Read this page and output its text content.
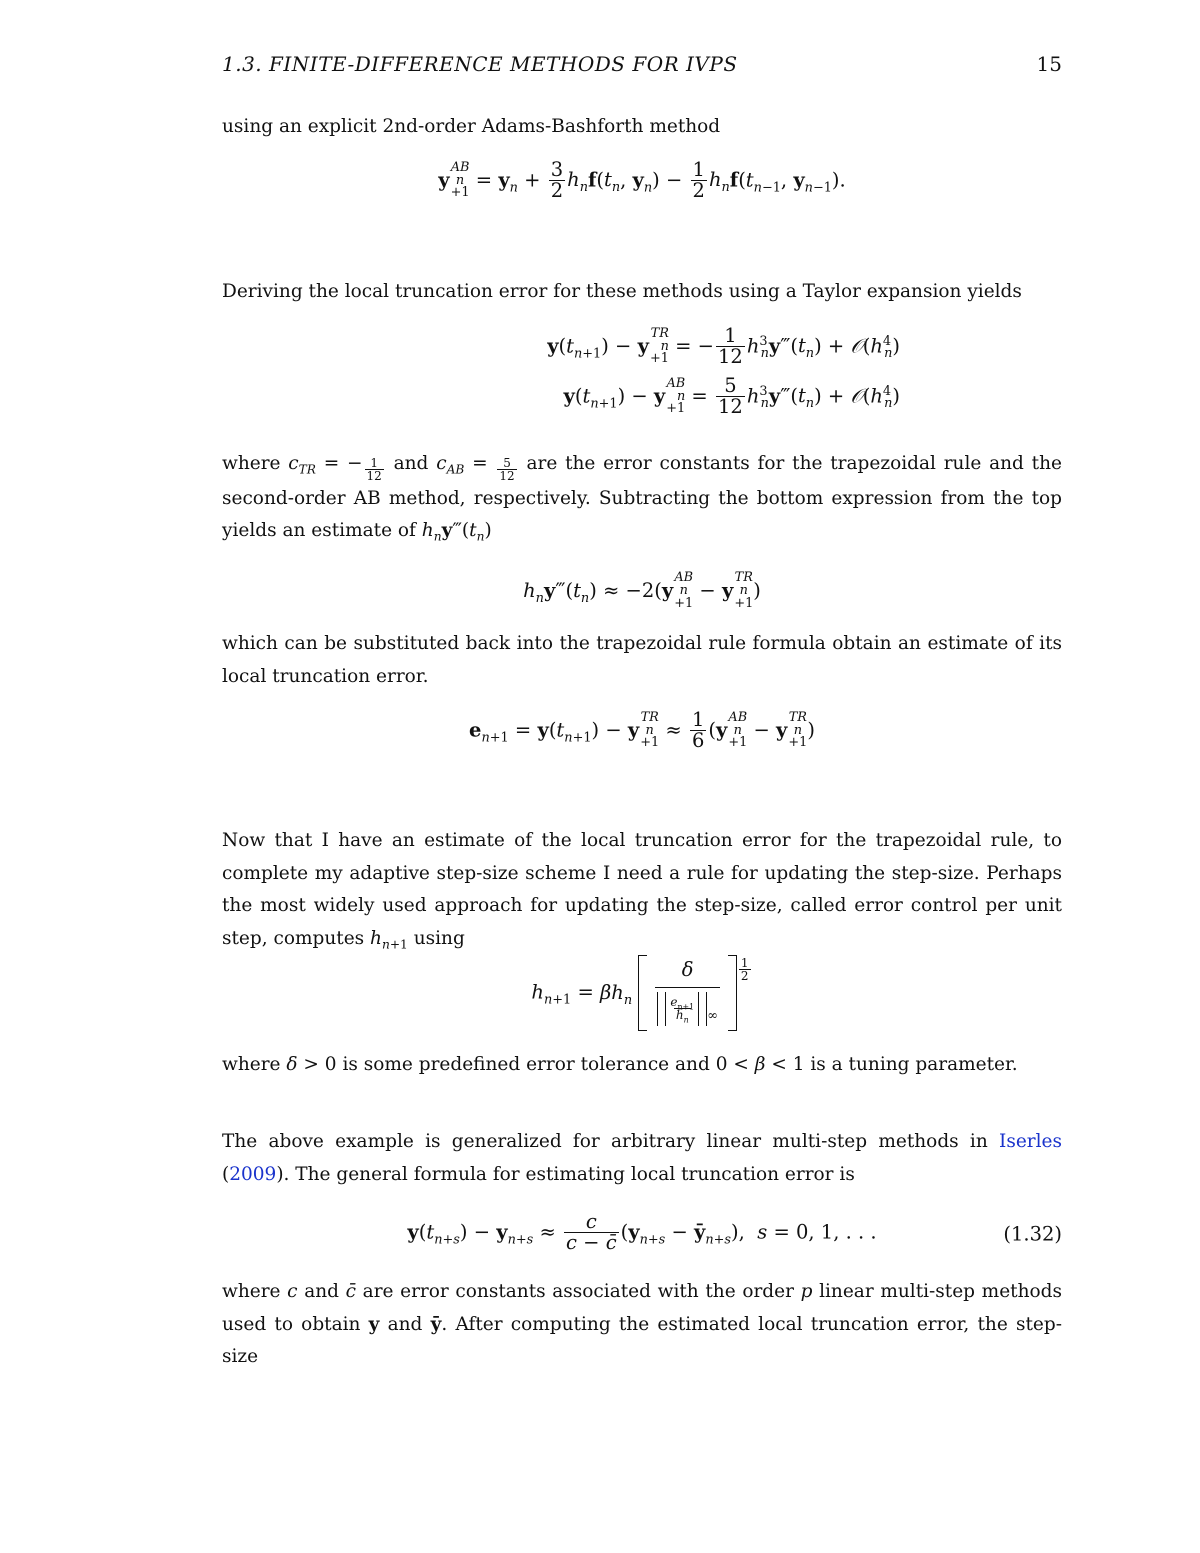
1.3. FINITE-DIFFERENCE METHODS FOR IVPS	15
using an explicit 2nd-order Adams-Bashforth method
y
AB
n
$+1 = y_n + \frac{3}{2} h_nf(t_n$, $y_n) - \frac{1}{2} h_nf(t_{n-1}$, $y_{n-1}$).
Deriving the local truncation error for these methods using a Taylor expansion yields
$y(t_{n+1}) - y$
TR
n
+1 = − $\frac{1}{12}$ $h^3_ny‴(t_n)$ + $𝒪(h^4_n)$
$y(t_{n+1}) - y$
AB
n
$+1 = \frac{5}{12}$ $h^3_ny‴(t_n)$ + $𝒪(h^4_n)$
where $c_{TR}$ = − $\frac{1}{12}$ and $c_{AB} = \frac{5}{12}$ are the error constants for the trapezoidal rule and the second-order AB method, respectively. Subtracting the bottom expression from the top yields an estimate of $h_ny‴(t_n)$
$h_ny‴(t_n) \approx -2(y$
AB
n
+1 − y
TR
n
+1)
which can be substituted back into the trapezoidal rule formula obtain an estimate of its local truncation error.
$e_{n+1} = y(t_{n+1}) - y$
TR
n
$+1 \approx \frac{1}{6} (y$
AB
n
+1 − y
TR
n
+1)
Now that I have an estimate of the local truncation error for the trapezoidal rule, to complete my adaptive step-size scheme I need a rule for updating the step-size. Perhaps the most widely used approach for updating the step-size, called error control per unit step, computes $h_{n+1}$ using
$h_{n+1} = \beta h_n \frac{\delta}{\frac{e_{n+1}}{h_n} _\infty} ^{\frac{1}{2}}$
where δ > 0 is some predefined error tolerance and 0 < β < 1 is a tuning parameter.
The above example is generalized for arbitrary linear multi-step methods in Iserles (2009). The general formula for estimating local truncation error is
$y(t_{n+s}) - y_{n+s} \approx \frac{c}{c - c̄} (y_{n+s}$ − $ȳ_{n+s}$),  s = 0, 1, . . .	(1.32)
where c and c̄ are error constants associated with the order p linear multi-step methods used to obtain y and ȳ. After computing the estimated local truncation error, the step-size
